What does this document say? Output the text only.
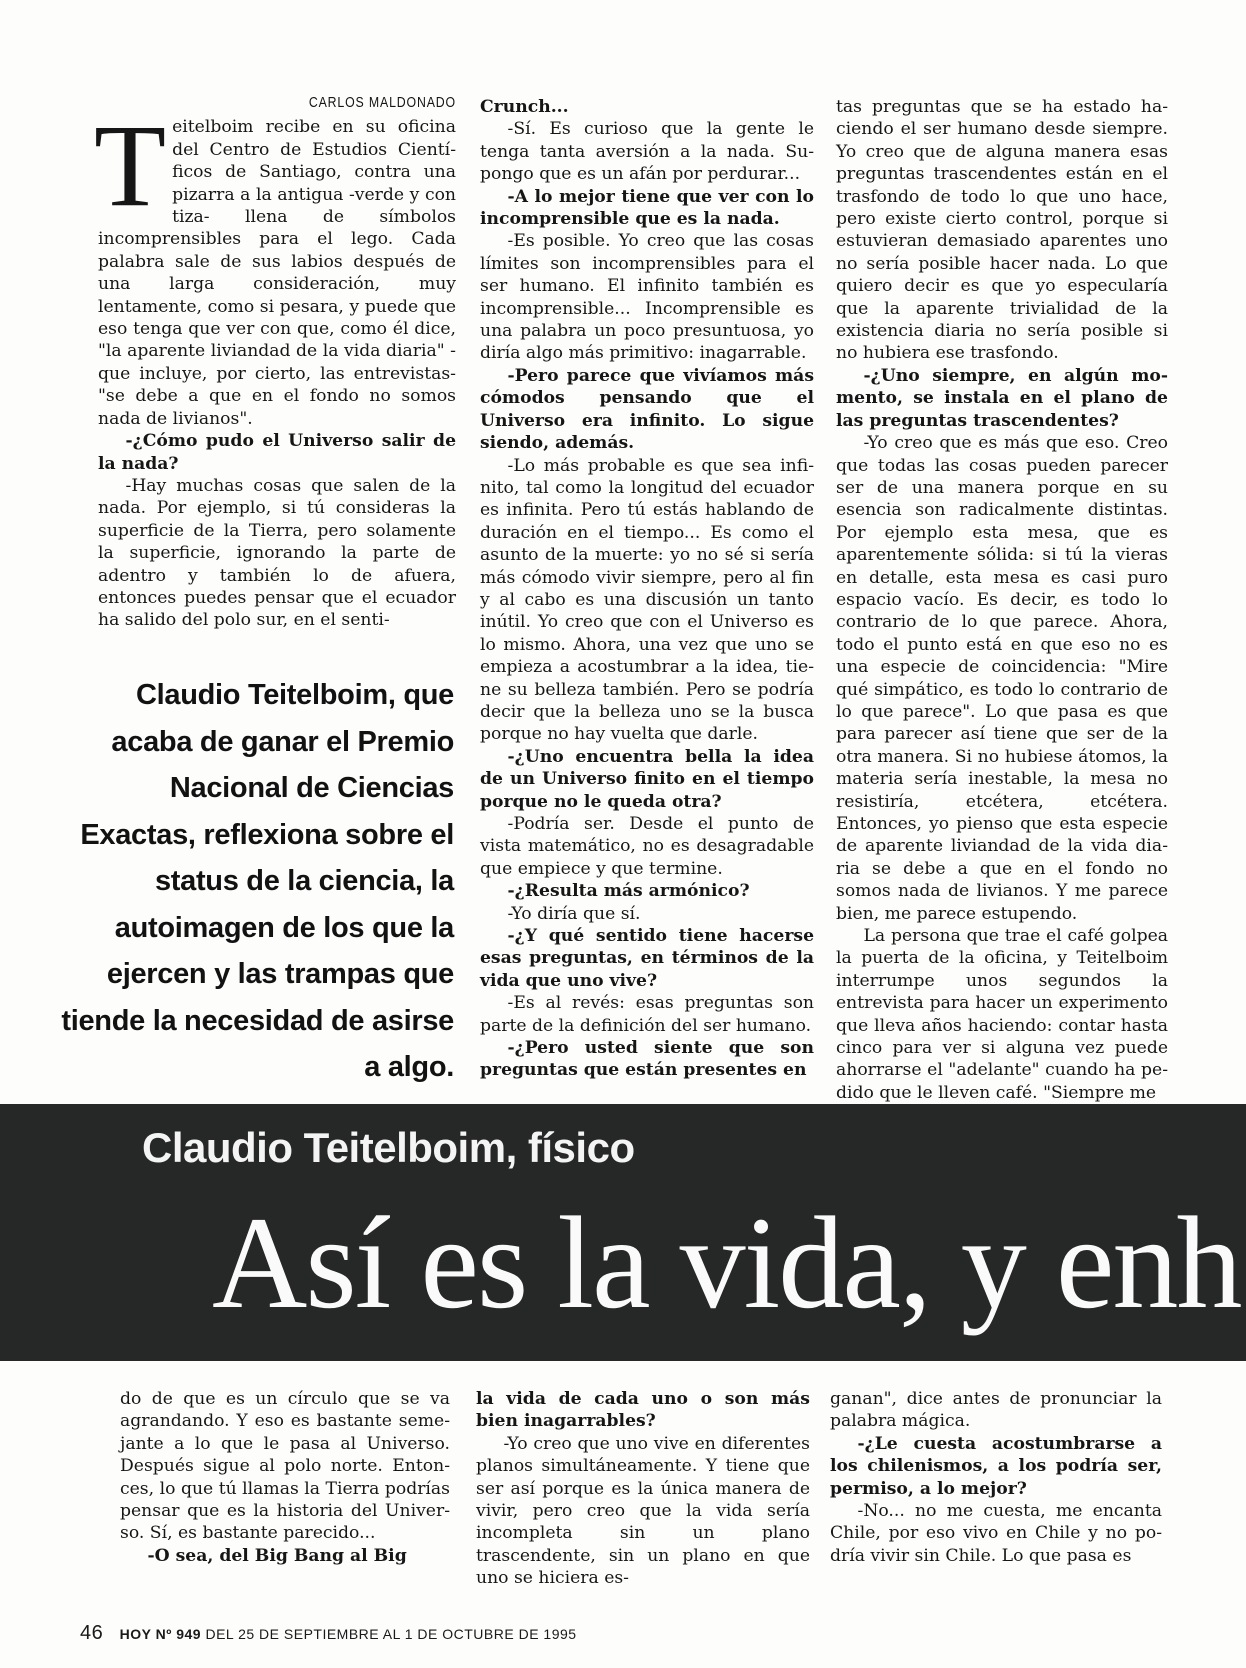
CARLOS MALDONADO
T eitelboim recibe en su oficina del Centro de Estudios Científicos de Santiago, contra una pizarra a la antigua -verde y con tiza- llena de símbolos incomprensibles para el lego. Cada palabra sale de sus labios después de una larga consideración, muy lentamente, como si pesara, y puede que eso tenga que ver con que, como él dice, "la aparente liviandad de la vida diaria" -que incluye, por cierto, las entrevistas- "se debe a que en el fondo no somos nada de livianos".

-¿Cómo pudo el Universo salir de la nada?

-Hay muchas cosas que salen de la nada. Por ejemplo, si tú consideras la superficie de la Tierra, pero solamente la superficie, ignorando la parte de adentro y también lo de afuera, entonces puedes pensar que el ecuador ha salido del polo sur, en el senti-

Claudio Teitelboim, que acaba de ganar el Premio Nacional de Ciencias Exactas, reflexiona sobre el status de la ciencia, la autoimagen de los que la ejercen y las trampas que tiende la necesidad de asirse a algo.

Crunch...

-Sí. Es curioso que la gente le tenga tanta aversión a la nada. Supongo que es un afán por perdurar...

-A lo mejor tiene que ver con lo incomprensible que es la nada.

-Es posible. Yo creo que las cosas límites son incomprensibles para el ser humano. El infinito también es incomprensible... Incomprensible es una palabra un poco presuntuosa, yo diría algo más primitivo: inagarrable.

-Pero parece que vivíamos más cómodos pensando que el Universo era infinito. Lo sigue siendo, además.

-Lo más probable es que sea infinito, tal como la longitud del ecuador es infinita. Pero tú estás hablando de duración en el tiempo... Es como el asunto de la muerte: yo no sé si sería más cómodo vivir siempre, pero al fin y al cabo es una discusión un tanto inútil. Yo creo que con el Universo es lo mismo. Ahora, una vez que uno se empieza a acostumbrar a la idea, tiene su belleza también. Pero se podría decir que la belleza uno se la busca porque no hay vuelta que darle.

-¿Uno encuentra bella la idea de un Universo finito en el tiempo porque no le queda otra?

-Podría ser. Desde el punto de vista matemático, no es desagradable que empiece y que termine.

-¿Resulta más armónico?

-Yo diría que sí.

-¿Y qué sentido tiene hacerse esas preguntas, en términos de la vida que uno vive?

-Es al revés: esas preguntas son parte de la definición del ser humano.

-¿Pero usted siente que son preguntas que están presentes en

tas preguntas que se ha estado haciendo el ser humano desde siempre. Yo creo que de alguna manera esas preguntas trascendentes están en el trasfondo de todo lo que uno hace, pero existe cierto control, porque si estuvieran demasiado aparentes uno no sería posible hacer nada. Lo que quiero decir es que yo especularía que la aparente trivialidad de la existencia diaria no sería posible si no hubiera ese trasfondo.

-¿Uno siempre, en algún momento, se instala en el plano de las preguntas trascendentes?

-Yo creo que es más que eso. Creo que todas las cosas pueden parecer ser de una manera porque en su esencia son radicalmente distintas. Por ejemplo esta mesa, que es aparentemente sólida: si tú la vieras en detalle, esta mesa es casi puro espacio vacío. Es decir, es todo lo contrario de lo que parece. Ahora, todo el punto está en que eso no es una especie de coincidencia: "Mire qué simpático, es todo lo contrario de lo que parece". Lo que pasa es que para parecer así tiene que ser de la otra manera. Si no hubiese átomos, la materia sería inestable, la mesa no resistiría, etcétera, etcétera. Entonces, yo pienso que esta especie de aparente liviandad de la vida diaria se debe a que en el fondo no somos nada de livianos. Y me parece bien, me parece estupendo.

La persona que trae el café golpea la puerta de la oficina, y Teitelboim interrumpe unos segundos la entrevista para hacer un experimento que lleva años haciendo: contar hasta cinco para ver si alguna vez puede ahorrarse el "adelante" cuando ha pedido que le lleven café. "Siempre me

Claudio Teitelboim, físico
Así es la vida, y enh

do de que es un círculo que se va agrandando. Y eso es bastante semejante a lo que le pasa al Universo. Después sigue al polo norte. Entonces, lo que tú llamas la Tierra podrías pensar que es la historia del Universo. Sí, es bastante parecido...

-O sea, del Big Bang al Big

la vida de cada uno o son más bien inagarrables?

-Yo creo que uno vive en diferentes planos simultáneamente. Y tiene que ser así porque es la única manera de vivir, pero creo que la vida sería incompleta sin un plano trascendente, sin un plano en que uno se hiciera es-

ganan", dice antes de pronunciar la palabra mágica.

-¿Le cuesta acostumbrarse a los chilenismos, a los podría ser, permiso, a lo mejor?

-No... no me cuesta, me encanta Chile, por eso vivo en Chile y no podría vivir sin Chile. Lo que pasa es

46 HOY Nº 949 DEL 25 DE SEPTIEMBRE AL 1 DE OCTUBRE DE 1995
